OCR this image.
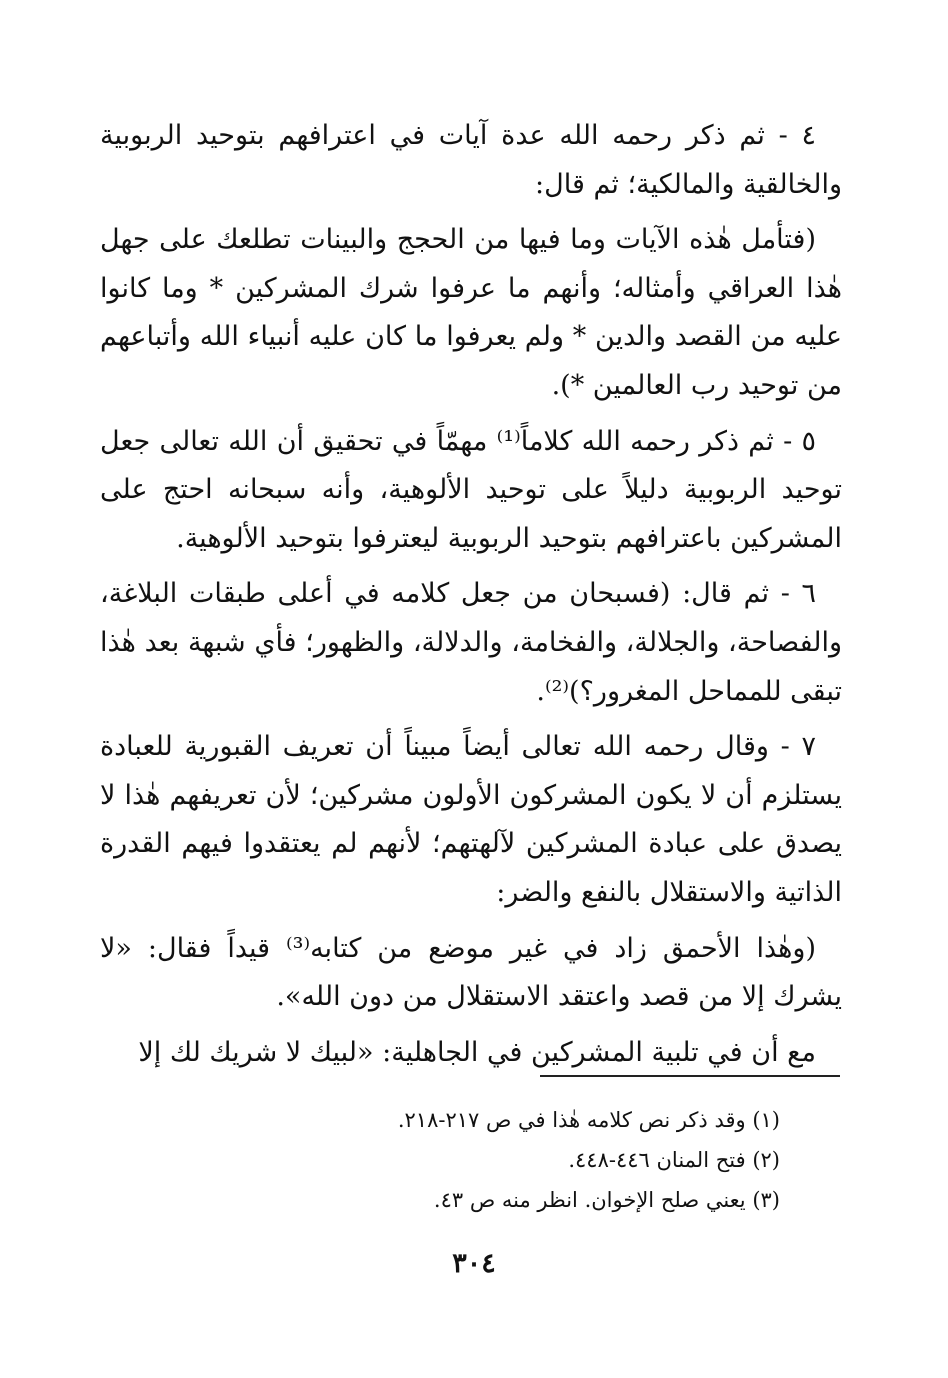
٤ - ثم ذكر رحمه الله عدة آيات في اعترافهم بتوحيد الربوبية والخالقية والمالكية؛ ثم قال:

(فتأمل هٰذه الآيات وما فيها من الحجج والبينات تطلعك على جهل هٰذا العراقي وأمثاله؛ وأنهم ما عرفوا شرك المشركين * وما كانوا عليه من القصد والدين * ولم يعرفوا ما كان عليه أنبياء الله وأتباعهم من توحيد رب العالمين *).

٥ - ثم ذكر رحمه الله كلاماً⁽¹⁾ مهمّاً في تحقيق أن الله تعالى جعل توحيد الربوبية دليلاً على توحيد الألوهية، وأنه سبحانه احتج على المشركين باعترافهم بتوحيد الربوبية ليعترفوا بتوحيد الألوهية.

٦ - ثم قال: (فسبحان من جعل كلامه في أعلى طبقات البلاغة، والفصاحة، والجلالة، والفخامة، والدلالة، والظهور؛ فأي شبهة بعد هٰذا تبقى للمماحل المغرور؟)⁽²⁾.

٧ - وقال رحمه الله تعالى أيضاً مبيناً أن تعريف القبورية للعبادة يستلزم أن لا يكون المشركون الأولون مشركين؛ لأن تعريفهم هٰذا لا يصدق على عبادة المشركين لآلهتهم؛ لأنهم لم يعتقدوا فيهم القدرة الذاتية والاستقلال بالنفع والضر:

(وهٰذا الأحمق زاد في غير موضع من كتابه⁽³⁾ قيداً فقال: «لا يشرك إلا من قصد واعتقد الاستقلال من دون الله».

مع أن في تلبية المشركين في الجاهلية: «لبيك لا شريك لك إلا

(١) وقد ذكر نص كلامه هٰذا في ص ٢١٧-٢١٨.

(٢) فتح المنان ٤٤٦-٤٤٨.

(٣) يعني صلح الإخوان. انظر منه ص ٤٣.

٣٠٤
